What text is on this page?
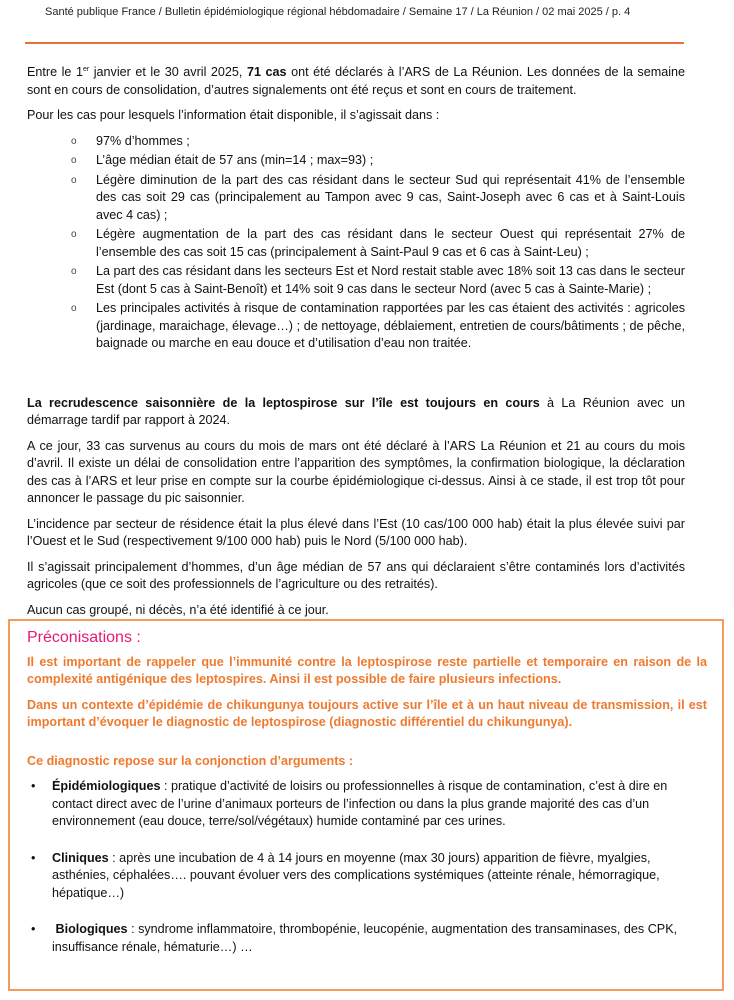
Santé publique France / Bulletin épidémiologique régional hébdomadaire / Semaine 17 / La Réunion / 02 mai 2025 / p. 4

Entre le 1er janvier et le 30 avril 2025, 71 cas ont été déclarés à l’ARS de La Réunion. Les données de la semaine sont en cours de consolidation, d’autres signalements ont été reçus et sont en cours de traitement.

Pour les cas pour lesquels l’information était disponible, il s’agissait dans :

o 97% d’hommes ;
o L’âge médian était de 57 ans (min=14 ; max=93) ;
o Légère diminution de la part des cas résidant dans le secteur Sud qui représentait 41% de l’ensemble des cas soit 29 cas (principalement au Tampon avec 9 cas, Saint-Joseph avec 6 cas et à Saint-Louis avec 4 cas) ;
o Légère augmentation de la part des cas résidant dans le secteur Ouest qui représentait 27% de l’ensemble des cas soit 15 cas (principalement à Saint-Paul 9 cas et 6 cas à Saint-Leu) ;
o La part des cas résidant dans les secteurs Est et Nord restait stable avec 18% soit 13 cas dans le secteur Est (dont 5 cas à Saint-Benoît) et 14% soit 9 cas dans le secteur Nord (avec 5 cas à Sainte-Marie) ;
o Les principales activités à risque de contamination rapportées par les cas étaient des activités : agricoles (jardinage, maraichage, élevage…) ; de nettoyage, déblaiement, entretien de cours/bâtiments ; de pêche, baignade ou marche en eau douce et d’utilisation d’eau non traitée.

La recrudescence saisonnière de la leptospirose sur l’île est toujours en cours à La Réunion avec un démarrage tardif par rapport à 2024.

A ce jour, 33 cas survenus au cours du mois de mars ont été déclaré à l’ARS La Réunion et 21 au cours du mois d’avril. Il existe un délai de consolidation entre l’apparition des symptômes, la confirmation biologique, la déclaration des cas à l’ARS et leur prise en compte sur la courbe épidémiologique ci-dessus. Ainsi à ce stade, il est trop tôt pour annoncer le passage du pic saisonnier.

L’incidence par secteur de résidence était la plus élevé dans l’Est (10 cas/100 000 hab) était la plus élevée suivi par l’Ouest et le Sud (respectivement 9/100 000 hab) puis le Nord (5/100 000 hab).

Il s’agissait principalement d’hommes, d’un âge médian de 57 ans qui déclaraient s’être contaminés lors d’activités agricoles (que ce soit des professionnels de l’agriculture ou des retraités).

Aucun cas groupé, ni décès, n’a été identifié à ce jour.

Préconisations :

Il est important de rappeler que l’immunité contre la leptospirose reste partielle et temporaire en raison de la complexité antigénique des leptospires. Ainsi il est possible de faire plusieurs infections.

Dans un contexte d’épidémie de chikungunya toujours active sur l’île et à un haut niveau de transmission, il est important d’évoquer le diagnostic de leptospirose (diagnostic différentiel du chikungunya).

Ce diagnostic repose sur la conjonction d’arguments :

• Épidémiologiques : pratique d’activité de loisirs ou professionnelles à risque de contamination, c’est à dire en contact direct avec de l’urine d’animaux porteurs de l’infection ou dans la plus grande majorité des cas d’un environnement (eau douce, terre/sol/végétaux) humide contaminé par ces urines.
• Cliniques : après une incubation de 4 à 14 jours en moyenne (max 30 jours) apparition de fièvre, myalgies, asthénies, céphalées…. pouvant évoluer vers des complications systémiques (atteinte rénale, hémorragique, hépatique…)
• Biologiques : syndrome inflammatoire, thrombopénie, leucopénie, augmentation des transaminases, des CPK, insuffisance rénale, hématurie…) …
